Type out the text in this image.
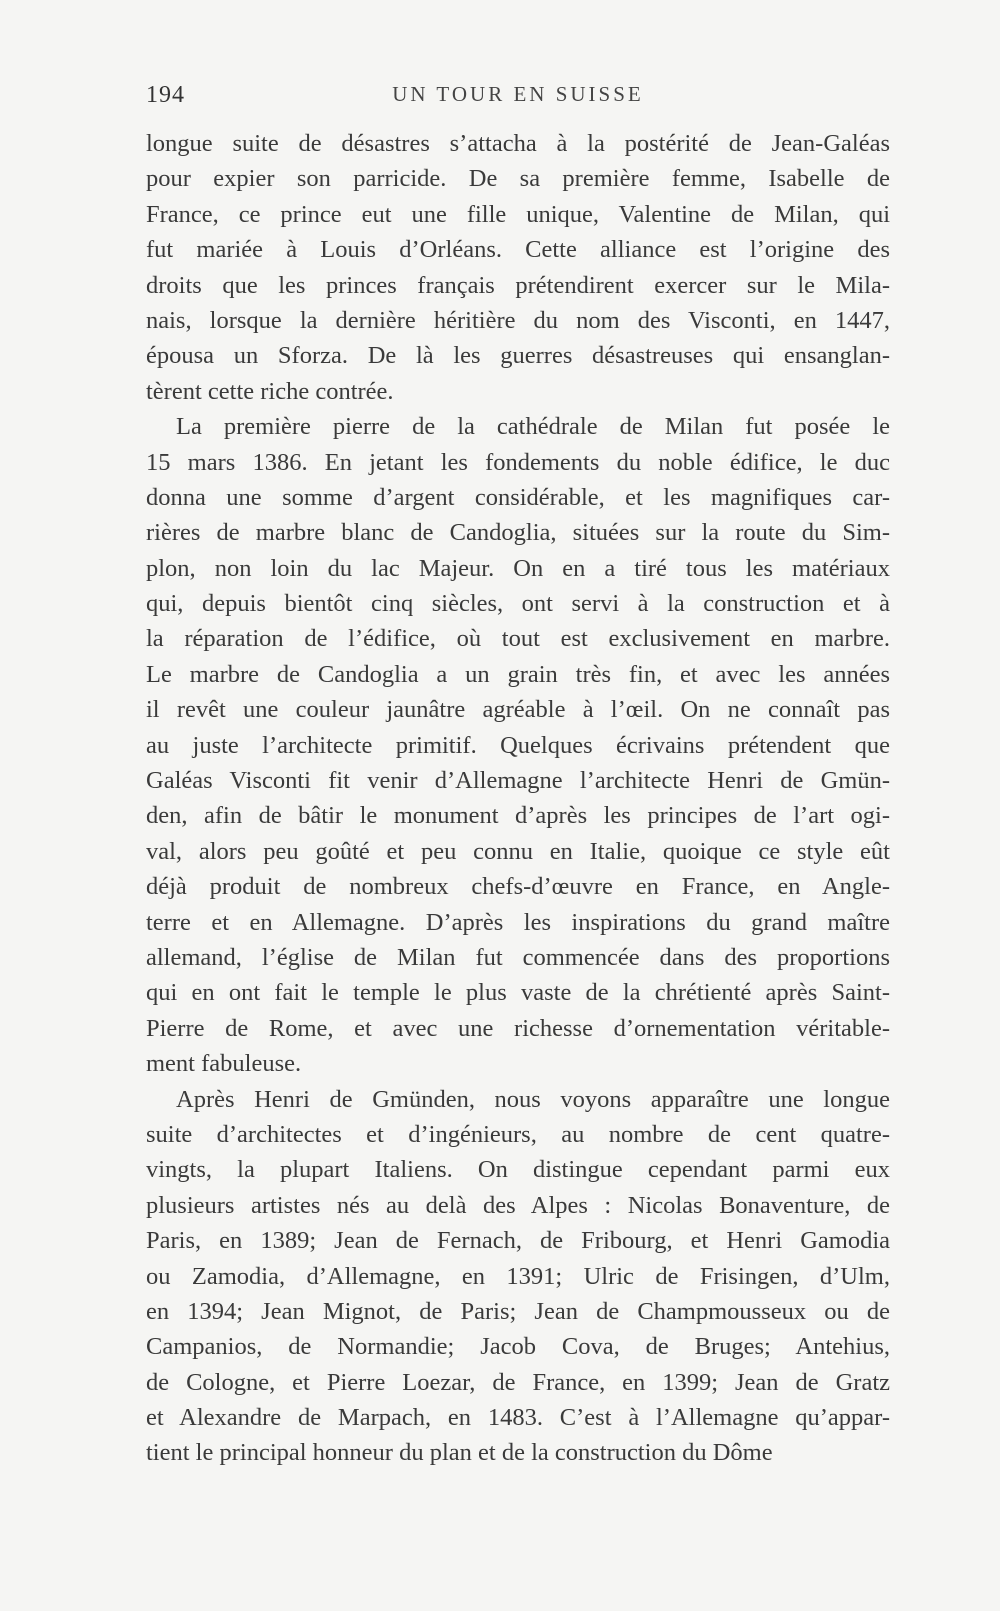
194	UN TOUR EN SUISSE
longue suite de désastres s’attacha à la postérité de Jean-Galéas
pour expier son parricide. De sa première femme, Isabelle de
France, ce prince eut une fille unique, Valentine de Milan, qui
fut mariée à Louis d’Orléans. Cette alliance est l’origine des
droits que les princes français prétendirent exercer sur le Mila-
nais, lorsque la dernière héritière du nom des Visconti, en 1447,
épousa un Sforza. De là les guerres désastreuses qui ensanglan-
tèrent cette riche contrée.
La première pierre de la cathédrale de Milan fut posée le
15 mars 1386. En jetant les fondements du noble édifice, le duc
donna une somme d’argent considérable, et les magnifiques car-
rières de marbre blanc de Candoglia, situées sur la route du Sim-
plon, non loin du lac Majeur. On en a tiré tous les matériaux
qui, depuis bientôt cinq siècles, ont servi à la construction et à
la réparation de l’édifice, où tout est exclusivement en marbre.
Le marbre de Candoglia a un grain très fin, et avec les années
il revêt une couleur jaunâtre agréable à l’œil. On ne connaît pas
au juste l’architecte primitif. Quelques écrivains prétendent que
Galéas Visconti fit venir d’Allemagne l’architecte Henri de Gmün-
den, afin de bâtir le monument d’après les principes de l’art ogi-
val, alors peu goûté et peu connu en Italie, quoique ce style eût
déjà produit de nombreux chefs-d’œuvre en France, en Angle-
terre et en Allemagne. D’après les inspirations du grand maître
allemand, l’église de Milan fut commencée dans des proportions
qui en ont fait le temple le plus vaste de la chrétienté après Saint-
Pierre de Rome, et avec une richesse d’ornementation véritable-
ment fabuleuse.
Après Henri de Gmünden, nous voyons apparaître une longue
suite d’architectes et d’ingénieurs, au nombre de cent quatre-
vingts, la plupart Italiens. On distingue cependant parmi eux
plusieurs artistes nés au delà des Alpes : Nicolas Bonaventure, de
Paris, en 1389; Jean de Fernach, de Fribourg, et Henri Gamodia
ou Zamodia, d’Allemagne, en 1391; Ulric de Frisingen, d’Ulm,
en 1394; Jean Mignot, de Paris; Jean de Champmousseux ou de
Campanios, de Normandie; Jacob Cova, de Bruges; Antehius,
de Cologne, et Pierre Loezar, de France, en 1399; Jean de Gratz
et Alexandre de Marpach, en 1483. C’est à l’Allemagne qu’appar-
tient le principal honneur du plan et de la construction du Dôme
